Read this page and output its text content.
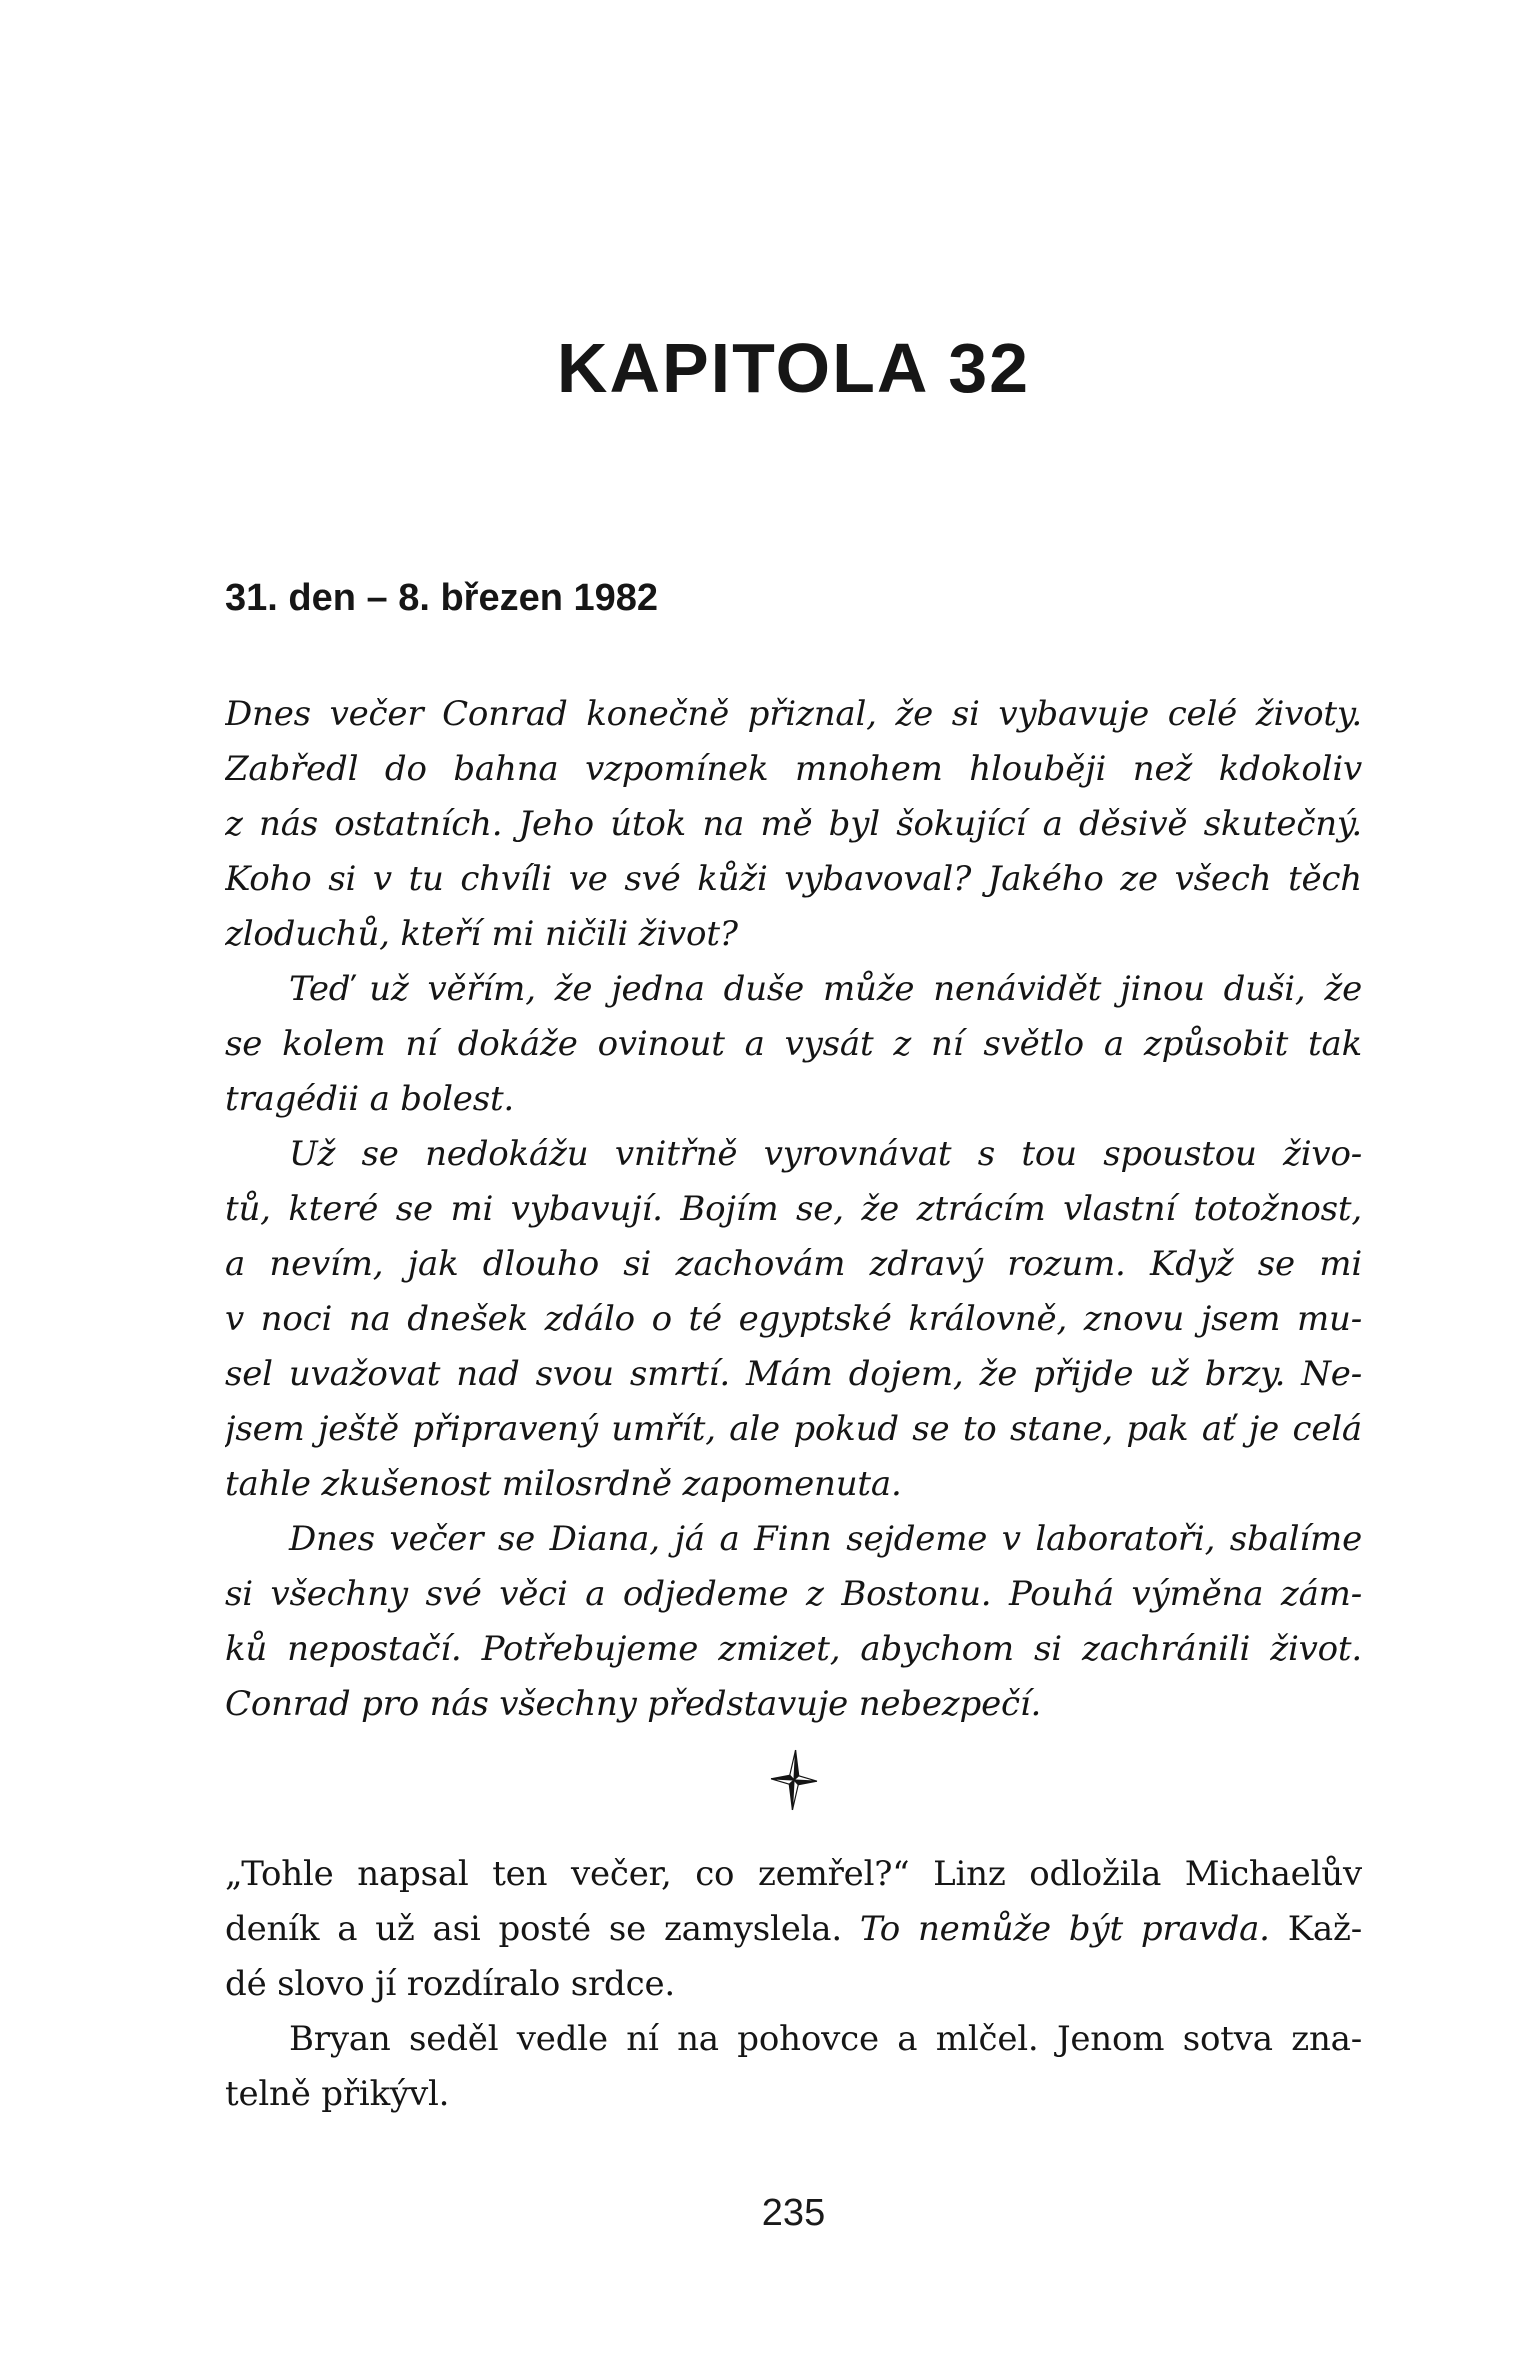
KAPITOLA 32
31. den – 8. březen 1982
Dnes večer Conrad konečně přiznal, že si vybavuje celé životy.
Zabředl do bahna vzpomínek mnohem hlouběji než kdokoliv
z nás ostatních. Jeho útok na mě byl šokující a děsivě skutečný.
Koho si v tu chvíli ve své kůži vybavoval? Jakého ze všech těch
zloduchů, kteří mi ničili život?
Teď už věřím, že jedna duše může nenávidět jinou duši, že
se kolem ní dokáže ovinout a vysát z ní světlo a způsobit tak
tragédii a bolest.
Už se nedokážu vnitřně vyrovnávat s tou spoustou živo-
tů, které se mi vybavují. Bojím se, že ztrácím vlastní totožnost,
a nevím, jak dlouho si zachovám zdravý rozum. Když se mi
v noci na dnešek zdálo o té egyptské královně, znovu jsem mu-
sel uvažovat nad svou smrtí. Mám dojem, že přijde už brzy. Ne-
jsem ještě připravený umřít, ale pokud se to stane, pak ať je celá
tahle zkušenost milosrdně zapomenuta.
Dnes večer se Diana, já a Finn sejdeme v laboratoři, sbalíme
si všechny své věci a odjedeme z Bostonu. Pouhá výměna zám-
ků nepostačí. Potřebujeme zmizet, abychom si zachránili život.
Conrad pro nás všechny představuje nebezpečí.
„Tohle napsal ten večer, co zemřel?“ Linz odložila Michaelův
deník a už asi posté se zamyslela. To nemůže být pravda. Kaž-
dé slovo jí rozdíralo srdce.
Bryan seděl vedle ní na pohovce a mlčel. Jenom sotva zna-
telně přikývl.
235
